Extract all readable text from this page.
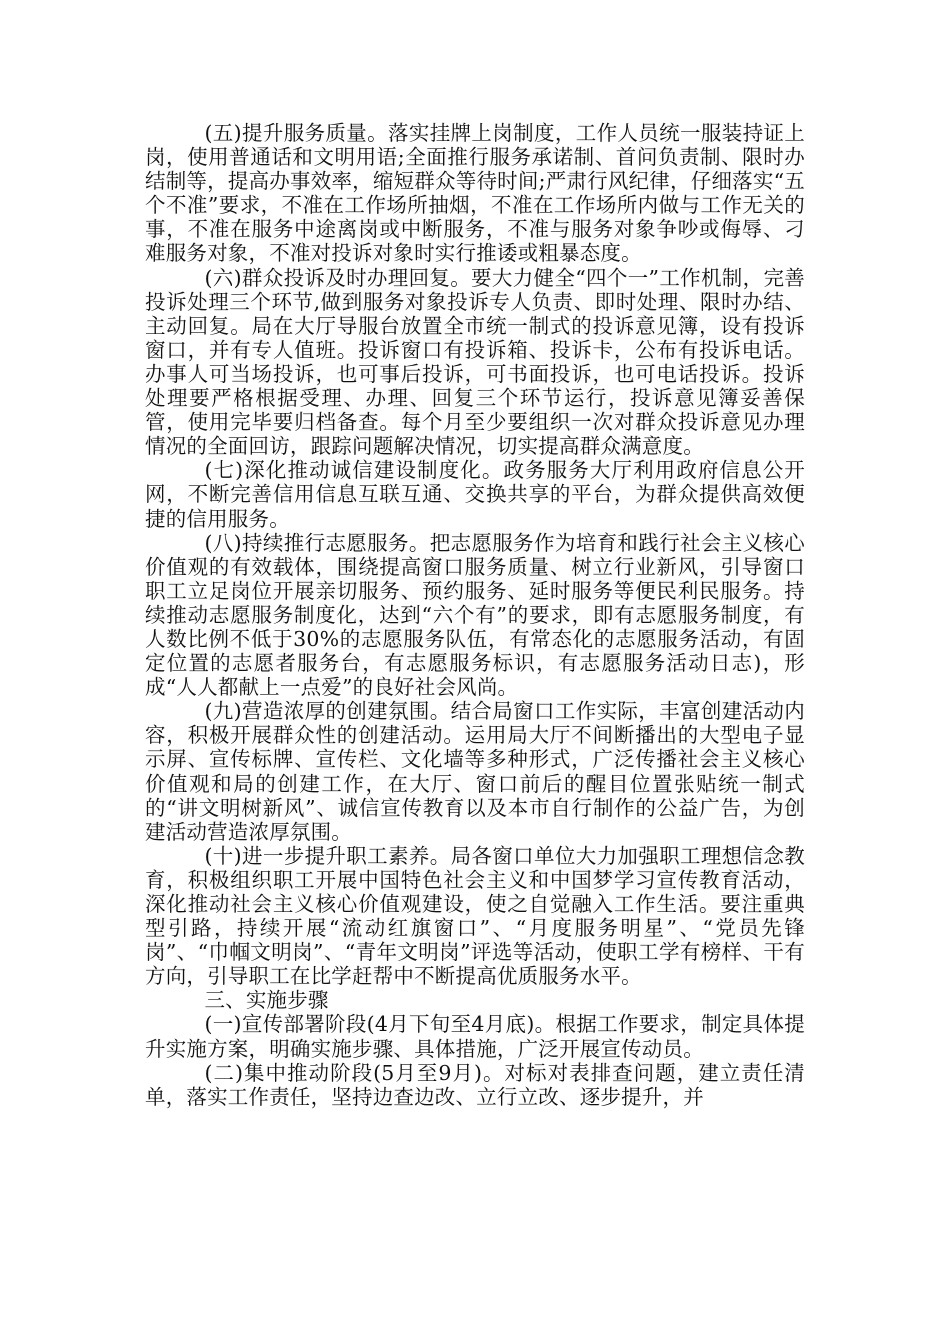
(五)提升服务质量。落实挂牌上岗制度，工作人员统一服装持证上岗，使用普通话和文明用语;全面推行服务承诺制、首问负责制、限时办结制等，提高办事效率，缩短群众等待时间;严肃行风纪律，仔细落实“五个不准”要求，不准在工作场所抽烟，不准在工作场所内做与工作无关的事，不准在服务中途离岗或中断服务，不准与服务对象争吵或侮辱、刁难服务对象，不准对投诉对象时实行推诿或粗暴态度。

(六)群众投诉及时办理回复。要大力健全“四个一”工作机制，完善投诉处理三个环节,做到服务对象投诉专人负责、即时处理、限时办结、主动回复。局在大厅导服台放置全市统一制式的投诉意见簿，设有投诉窗口，并有专人值班。投诉窗口有投诉箱、投诉卡，公布有投诉电话。办事人可当场投诉，也可事后投诉，可书面投诉，也可电话投诉。投诉处理要严格根据受理、办理、回复三个环节运行，投诉意见簿妥善保管，使用完毕要归档备查。每个月至少要组织一次对群众投诉意见办理情况的全面回访，跟踪问题解决情况，切实提高群众满意度。

(七)深化推动诚信建设制度化。政务服务大厅利用政府信息公开网，不断完善信用信息互联互通、交换共享的平台，为群众提供高效便捷的信用服务。

(八)持续推行志愿服务。把志愿服务作为培育和践行社会主义核心价值观的有效载体，围绕提高窗口服务质量、树立行业新风，引导窗口职工立足岗位开展亲切服务、预约服务、延时服务等便民利民服务。持续推动志愿服务制度化，达到“六个有”的要求，即有志愿服务制度，有人数比例不低于30%的志愿服务队伍，有常态化的志愿服务活动，有固定位置的志愿者服务台，有志愿服务标识，有志愿服务活动日志)，形成“人人都献上一点爱”的良好社会风尚。

(九)营造浓厚的创建氛围。结合局窗口工作实际，丰富创建活动内容，积极开展群众性的创建活动。运用局大厅不间断播出的大型电子显示屏、宣传标牌、宣传栏、文化墙等多种形式，广泛传播社会主义核心价值观和局的创建工作，在大厅、窗口前后的醒目位置张贴统一制式的“讲文明树新风”、诚信宣传教育以及本市自行制作的公益广告，为创建活动营造浓厚氛围。

(十)进一步提升职工素养。局各窗口单位大力加强职工理想信念教育，积极组织职工开展中国特色社会主义和中国梦学习宣传教育活动，深化推动社会主义核心价值观建设，使之自觉融入工作生活。要注重典型引路，持续开展“流动红旗窗口”、“月度服务明星”、“党员先锋岗”、“巾帼文明岗”、“青年文明岗”评选等活动，使职工学有榜样、干有方向，引导职工在比学赶帮中不断提高优质服务水平。

三、实施步骤

(一)宣传部署阶段(4月下旬至4月底)。根据工作要求，制定具体提升实施方案，明确实施步骤、具体措施，广泛开展宣传动员。

(二)集中推动阶段(5月至9月)。对标对表排查问题，建立责任清单，落实工作责任，坚持边查边改、立行立改、逐步提升，并
